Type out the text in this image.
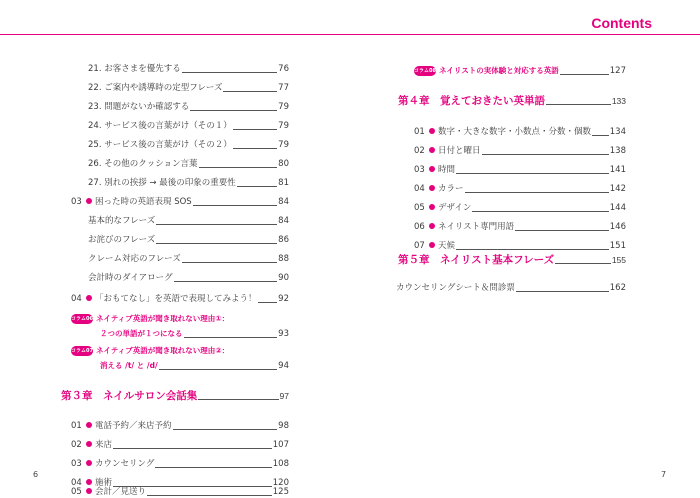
Contents
21. お客さまを優先する	76
22. ご案内や誘導時の定型フレーズ	77
23. 問題がないか確認する	79
24. サービス後の言葉がけ（その１）	79
25. サービス後の言葉がけ（その２）	79
26. その他のクッション言葉	80
27. 別れの挨拶 → 最後の印象の重要性	81
03 困った時の英語表現 SOS	84
基本的なフレーズ	84
お詫びのフレーズ	86
クレーム対応のフレーズ	88
会計時のダイアローグ	90
04 「おもてなし」を英語で表現してみよう！	92
コラム06 ネイティブ英語が聞き取れない理由①：
２つの単語が１つになる	93
コラム07 ネイティブ英語が聞き取れない理由②：
消える /t/ と /d/	94
第３章　ネイルサロン会話集	97
01 電話予約／来店予約	98
02 来店	107
03 カウンセリング	108
04 施術	120
05 会計／見送り	125
コラム08 ネイリストの実体験と対応する英語	127
第４章　覚えておきたい英単語	133
01 数字・大きな数字・小数点・分数・個数 134
02 日付と曜日	138
03 時間	141
04 カラー	142
05 デザイン	144
06 ネイリスト専門用語	146
07 天候	151
第５章　ネイリスト基本フレーズ	155
カウンセリングシート＆問診票	162
6	7
